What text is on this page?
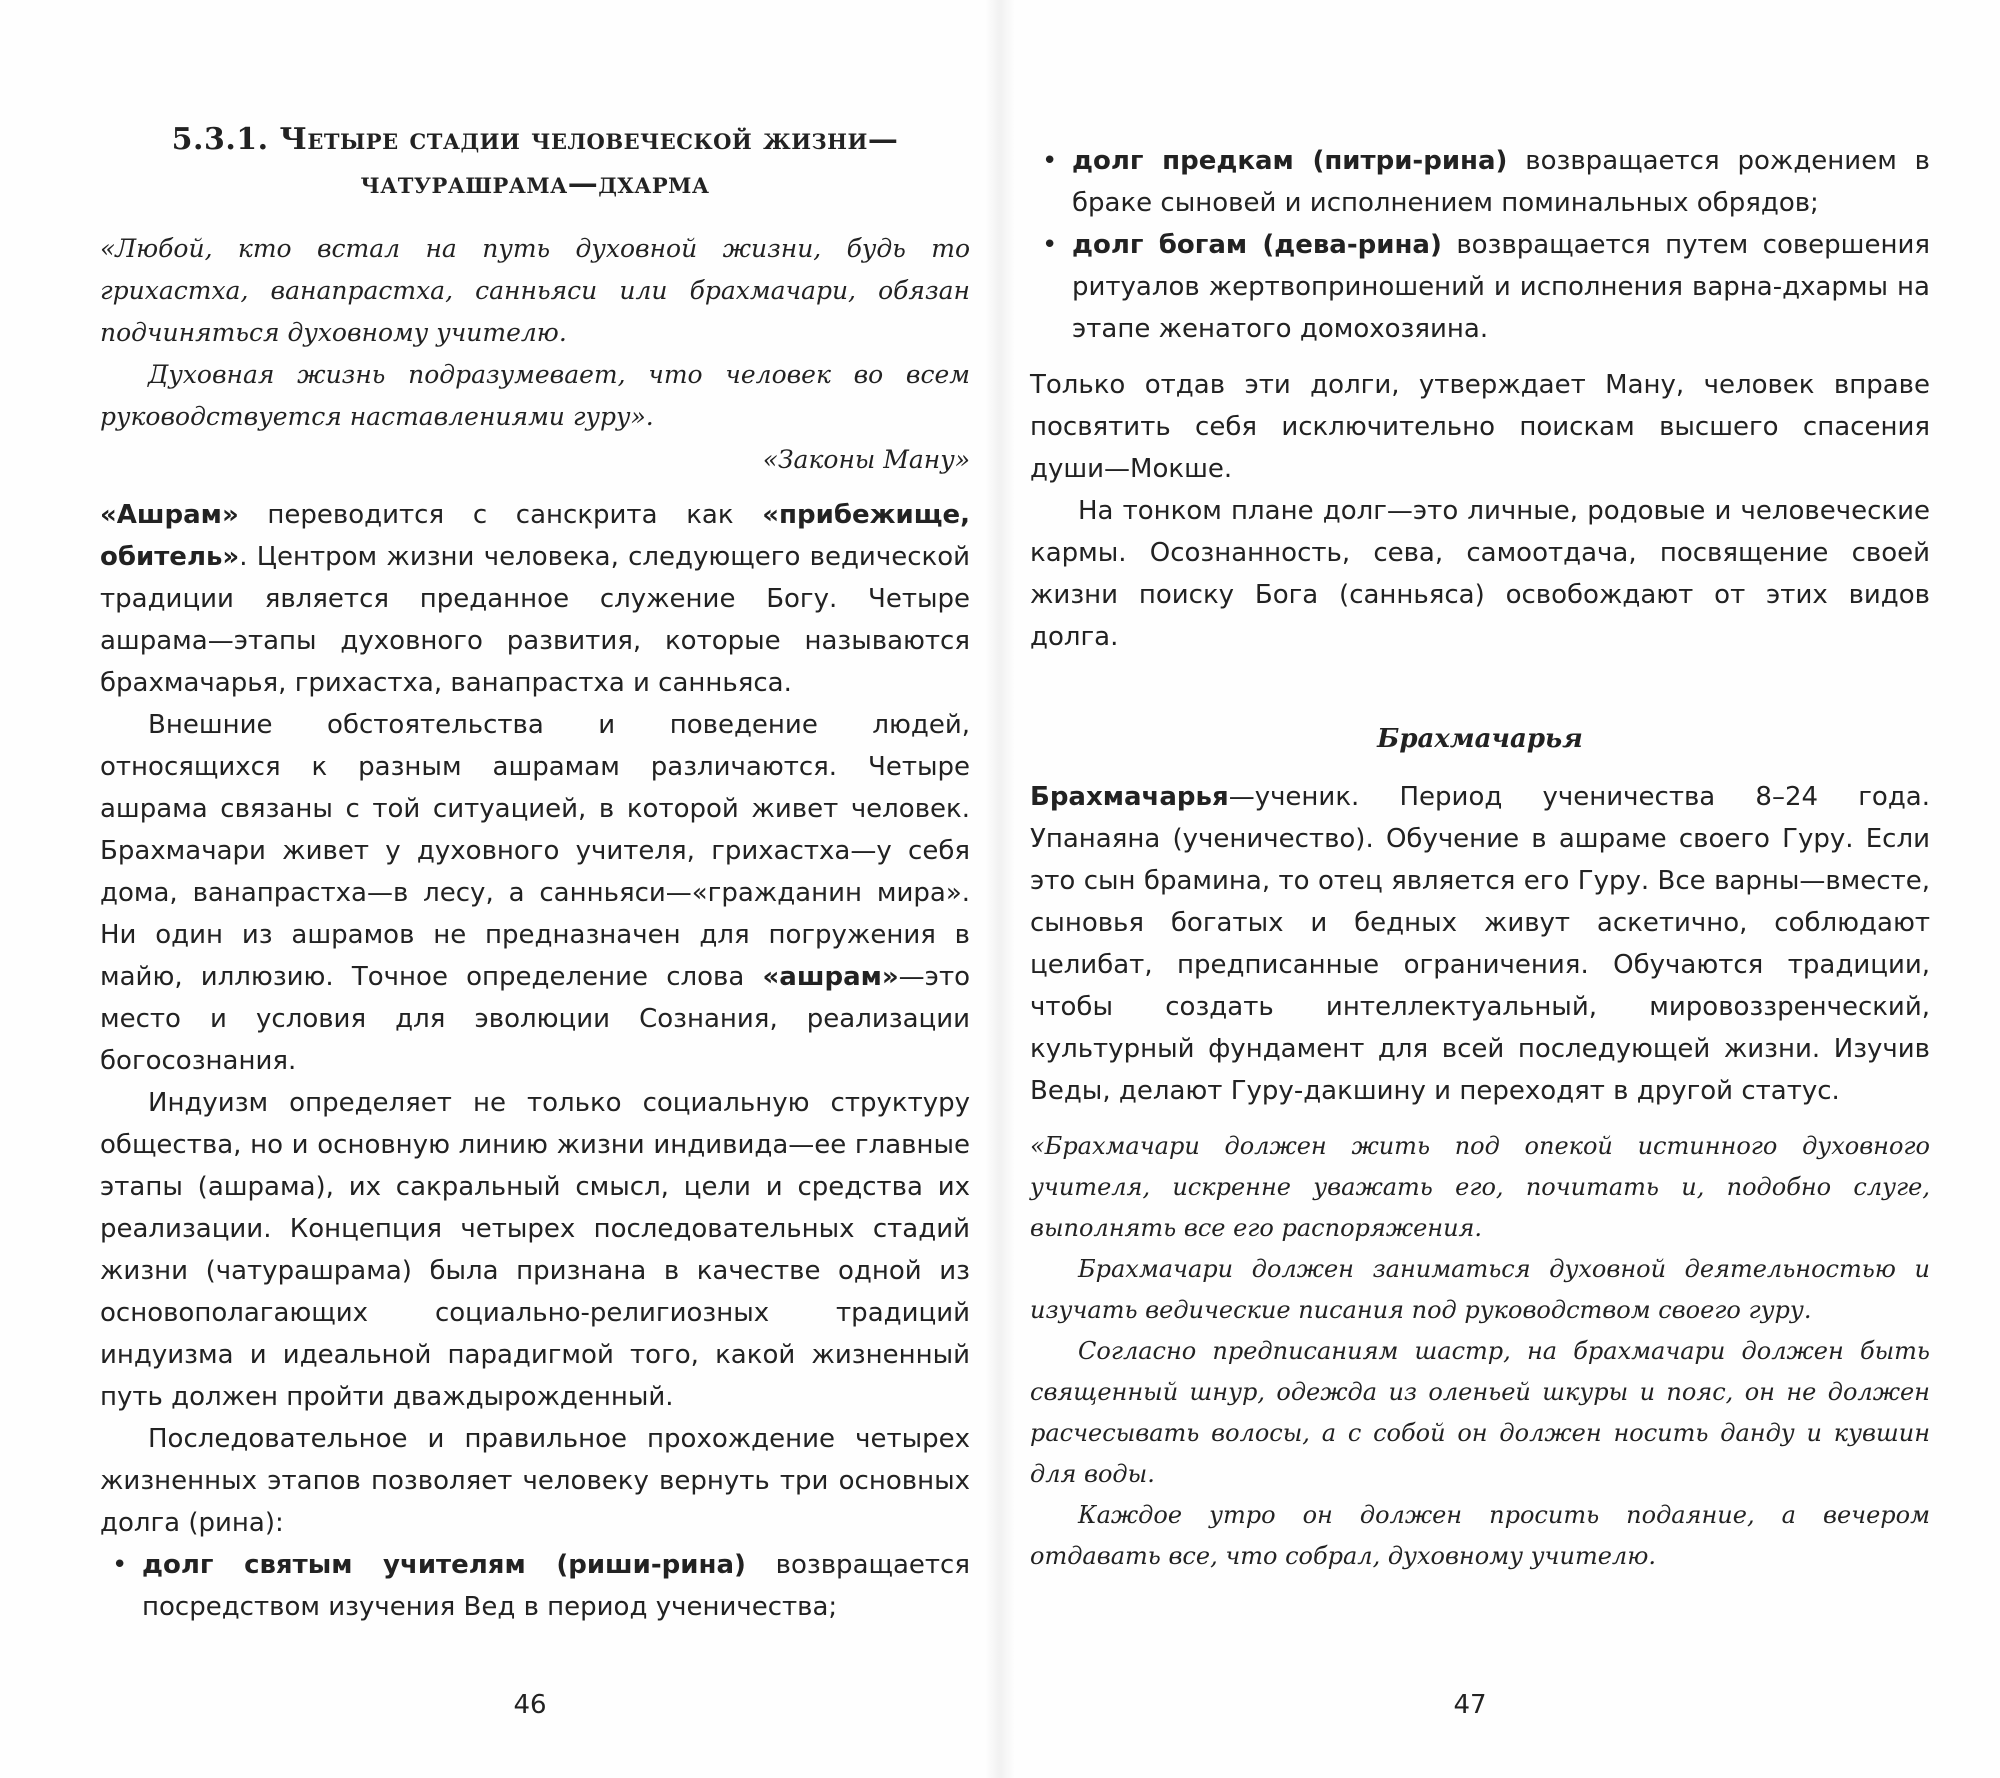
5.3.1. Четыре стадии человеческой жизни—
чатурашрама—дхарма

«Любой, кто встал на путь духовной жизни, будь то грихастха, ванапрастха, санньяси или брахмачари, обязан подчиняться духовному учителю.

Духовная жизнь подразумевает, что человек во всем руководствуется наставлениями гуру».

«Законы Ману»

«Ашрам» переводится с санскрита как «прибежище, обитель». Центром жизни человека, следующего ведической традиции является преданное служение Богу. Четыре ашрама—этапы духовного развития, которые называются брахмачарья, грихастха, ванапрастха и санньяса.

Внешние обстоятельства и поведение людей, относящихся к разным ашрамам различаются. Четыре ашрама связаны с той ситуацией, в которой живет человек. Брахмачари живет у духовного учителя, грихастха—у себя дома, ванапрастха—в лесу, а санньяси—«гражданин мира». Ни один из ашрамов не предназначен для погружения в майю, иллюзию. Точное определение слова «ашрам»—это место и условия для эволюции Сознания, реализации богосознания.

Индуизм определяет не только социальную структуру общества, но и основную линию жизни индивида—ее главные этапы (ашрама), их сакральный смысл, цели и средства их реализации. Концепция четырех последовательных стадий жизни (чатурашрама) была признана в качестве одной из основополагающих социально-религиозных традиций индуизма и идеальной парадигмой того, какой жизненный путь должен пройти дваждырожденный.

Последовательное и правильное прохождение четырех жизненных этапов позволяет человеку вернуть три основных долга (рина):

• долг святым учителям (риши-рина) возвращается посредством изучения Вед в период ученичества;
46
• долг предкам (питри-рина) возвращается рождением в браке сыновей и исполнением поминальных обрядов;
• долг богам (дева-рина) возвращается путем совершения ритуалов жертвоприношений и исполнения варна-дхармы на этапе женатого домохозяина.

Только отдав эти долги, утверждает Ману, человек вправе посвятить себя исключительно поискам высшего спасения души—Мокше.

На тонком плане долг—это личные, родовые и человеческие кармы. Осознанность, сева, самоотдача, посвящение своей жизни поиску Бога (санньяса) освобождают от этих видов долга.

Брахмачарья

Брахмачарья—ученик. Период ученичества 8–24 года. Упанаяна (ученичество). Обучение в ашраме своего Гуру. Если это сын брамина, то отец является его Гуру. Все варны—вместе, сыновья богатых и бедных живут аскетично, соблюдают целибат, предписанные ограничения. Обучаются традиции, чтобы создать интеллектуальный, мировоззренческий, культурный фундамент для всей последующей жизни. Изучив Веды, делают Гуру-дакшину и переходят в другой статус.

«Брахмачари должен жить под опекой истинного духовного учителя, искренне уважать его, почитать и, подобно слуге, выполнять все его распоряжения.

Брахмачари должен заниматься духовной деятельностью и изучать ведические писания под руководством своего гуру.

Согласно предписаниям шастр, на брахмачари должен быть священный шнур, одежда из оленьей шкуры и пояс, он не должен расчесывать волосы, а с собой он должен носить данду и кувшин для воды.

Каждое утро он должен просить подаяние, а вечером отдавать все, что собрал, духовному учителю.

47
